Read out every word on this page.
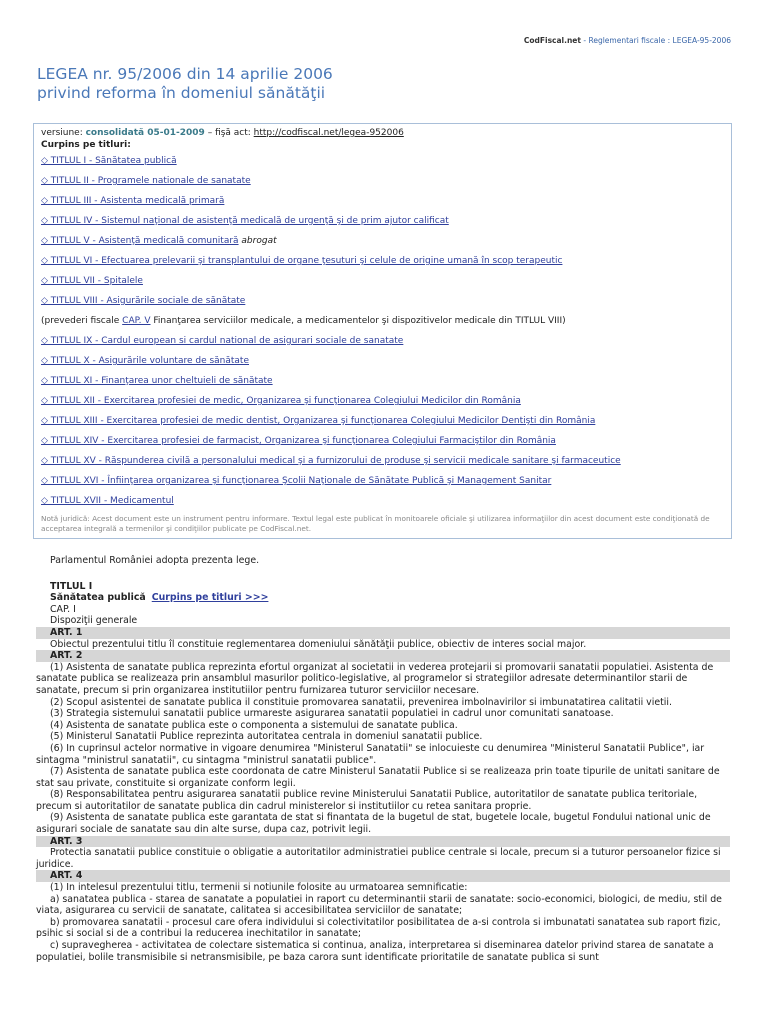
CodFiscal.net - Reglementari fiscale : LEGEA-95-2006
LEGEA nr. 95/2006 din 14 aprilie 2006
privind reforma în domeniul sănătăţii
versiune: consolidată 05-01-2009 – fişă act: http://codfiscal.net/legea-952006
Curpins pe titluri:
◇ TITLUL I - Sănătatea publică
◇ TITLUL II - Programele nationale de sanatate
◇ TITLUL III - Asistenta medicală primară
◇ TITLUL IV - Sistemul naţional de asistenţă medicală de urgenţă şi de prim ajutor calificat
◇ TITLUL V - Asistenţă medicală comunitară abrogat
◇ TITLUL VI - Efectuarea prelevarii şi transplantului de organe ţesuturi şi celule de origine umană în scop terapeutic
◇ TITLUL VII - Spitalele
◇ TITLUL VIII - Asigurările sociale de sănătate
(prevederi fiscale CAP. V Finanţarea serviciilor medicale, a medicamentelor şi dispozitivelor medicale din TITLUL VIII)
◇ TITLUL IX - Cardul european si cardul national de asigurari sociale de sanatate
◇ TITLUL X - Asigurările voluntare de sănătate
◇ TITLUL XI - Finanţarea unor cheltuieli de sănătate
◇ TITLUL XII - Exercitarea profesiei de medic, Organizarea şi funcţionarea Colegiului Medicilor din România
◇ TITLUL XIII - Exercitarea profesiei de medic dentist, Organizarea şi funcţionarea Colegiului Medicilor Dentişti din România
◇ TITLUL XIV - Exercitarea profesiei de farmacist, Organizarea şi funcţionarea Colegiului Farmaciştilor din România
◇ TITLUL XV - Răspunderea civilă a personalului medical şi a furnizorului de produse şi servicii medicale sanitare şi farmaceutice
◇ TITLUL XVI - Înfiinţarea organizarea şi funcţionarea Şcolii Naţionale de Sănătate Publică şi Management Sanitar
◇ TITLUL XVII - Medicamentul
Notă juridică: Acest document este un instrument pentru informare. Textul legal este publicat în monitoarele oficiale şi utilizarea informaţiilor din acest document este condiţionată de acceptarea integrală a termenilor şi condiţiilor publicate pe CodFiscal.net.
Parlamentul României adopta prezenta lege.
TITLUL I
Sănătatea publică Curpins pe titluri >>>
CAP. I
Dispoziţii generale
ART. 1

Obiectul prezentului titlu îl constituie reglementarea domeniului sănătăţii publice, obiectiv de interes social major.

ART. 2

(1) Asistenta de sanatate publica reprezinta efortul organizat al societatii in vederea protejarii si promovarii sanatatii populatiei. Asistenta de sanatate publica se realizeaza prin ansamblul masurilor politico-legislative, al programelor si strategiilor adresate determinantilor starii de sanatate, precum si prin organizarea institutiilor pentru furnizarea tuturor serviciilor necesare.

(2) Scopul asistentei de sanatate publica il constituie promovarea sanatatii, prevenirea imbolnavirilor si imbunatatirea calitatii vietii.

(3) Strategia sistemului sanatatii publice urmareste asigurarea sanatatii populatiei in cadrul unor comunitati sanatoase.

(4) Asistenta de sanatate publica este o componenta a sistemului de sanatate publica.

(5) Ministerul Sanatatii Publice reprezinta autoritatea centrala in domeniul sanatatii publice.

(6) In cuprinsul actelor normative in vigoare denumirea "Ministerul Sanatatii" se inlocuieste cu denumirea "Ministerul Sanatatii Publice", iar sintagma "ministrul sanatatii", cu sintagma "ministrul sanatatii publice".

(7) Asistenta de sanatate publica este coordonata de catre Ministerul Sanatatii Publice si se realizeaza prin toate tipurile de unitati sanitare de stat sau private, constituite si organizate conform legii.

(8) Responsabilitatea pentru asigurarea sanatatii publice revine Ministerului Sanatatii Publice, autoritatilor de sanatate publica teritoriale, precum si autoritatilor de sanatate publica din cadrul ministerelor si institutiilor cu retea sanitara proprie.

(9) Asistenta de sanatate publica este garantata de stat si finantata de la bugetul de stat, bugetele locale, bugetul Fondului national unic de asigurari sociale de sanatate sau din alte surse, dupa caz, potrivit legii.

ART. 3

Protectia sanatatii publice constituie o obligatie a autoritatilor administratiei publice centrale si locale, precum si a tuturor persoanelor fizice si juridice.

ART. 4

(1) In intelesul prezentului titlu, termenii si notiunile folosite au urmatoarea semnificatie:

a) sanatatea publica - starea de sanatate a populatiei in raport cu determinantii starii de sanatate: socio-economici, biologici, de mediu, stil de viata, asigurarea cu servicii de sanatate, calitatea si accesibilitatea serviciilor de sanatate;

b) promovarea sanatatii - procesul care ofera individului si colectivitatilor posibilitatea de a-si controla si imbunatati sanatatea sub raport fizic, psihic si social si de a contribui la reducerea inechitatilor in sanatate;

c) supravegherea - activitatea de colectare sistematica si continua, analiza, interpretarea si diseminarea datelor privind starea de sanatate a populatiei, bolile transmisibile si netransmisibile, pe baza carora sunt identificate prioritatile de sanatate publica si sunt
